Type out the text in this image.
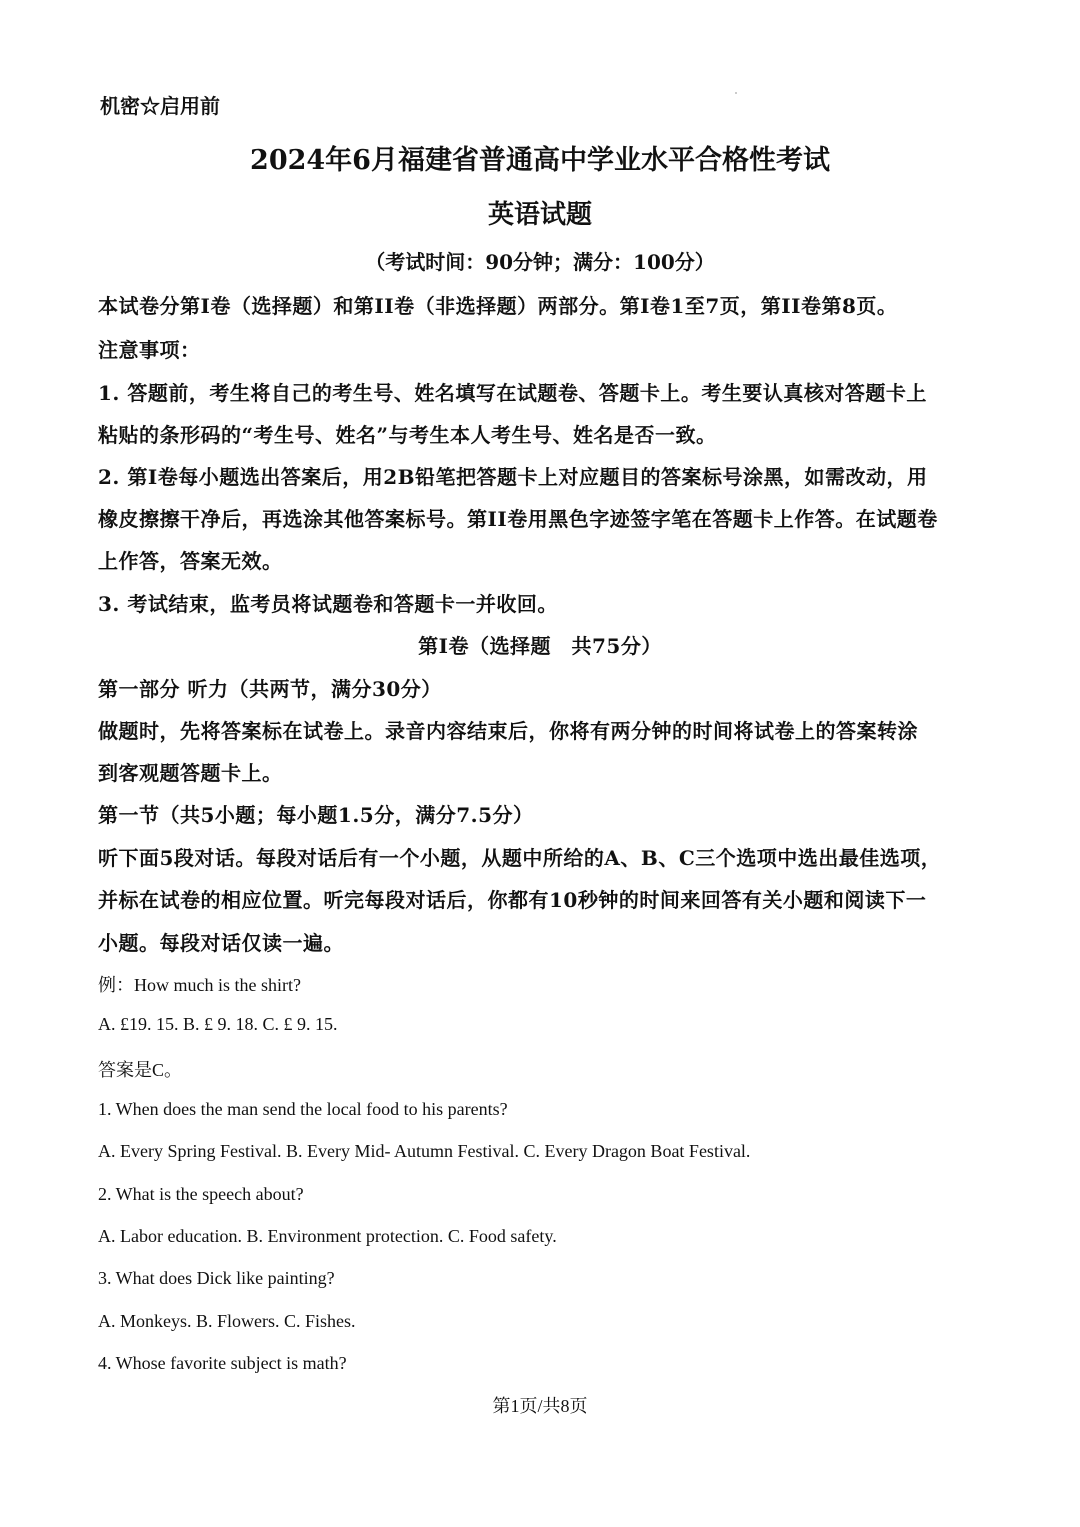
机密☆启用前
2024年6月福建省普通高中学业水平合格性考试
英语试题
（考试时间：90分钟；满分：100分）
本试卷分第I卷（选择题）和第II卷（非选择题）两部分。第I卷1至7页，第II卷第8页。
注意事项：
1. 答题前，考生将自己的考生号、姓名填写在试题卷、答题卡上。考生要认真核对答题卡上
粘贴的条形码的“考生号、姓名”与考生本人考生号、姓名是否一致。
2. 第I卷每小题选出答案后，用2B铅笔把答题卡上对应题目的答案标号涂黑，如需改动，用
橡皮擦擦干净后，再选涂其他答案标号。第II卷用黑色字迹签字笔在答题卡上作答。在试题卷
上作答，答案无效。
3. 考试结束，监考员将试题卷和答题卡一并收回。
第I卷（选择题　共75分）
第一部分 听力（共两节，满分30分）
做题时，先将答案标在试卷上。录音内容结束后，你将有两分钟的时间将试卷上的答案转涂
到客观题答题卡上。
第一节（共5小题；每小题1.5分，满分7.5分）
听下面5段对话。每段对话后有一个小题，从题中所给的A、B、C三个选项中选出最佳选项，
并标在试卷的相应位置。听完每段对话后，你都有10秒钟的时间来回答有关小题和阅读下一
小题。每段对话仅读一遍。
例：How much is the shirt?
A. £19. 15. B. £ 9. 18. C. £ 9. 15.
答案是C。
1. When does the man send the local food to his parents?
A. Every Spring Festival. B. Every Mid- Autumn Festival. C. Every Dragon Boat Festival.
2. What is the speech about?
A. Labor education. B. Environment protection. C. Food safety.
3. What does Dick like painting?
A. Monkeys. B. Flowers. C. Fishes.
4. Whose favorite subject is math?
第1页/共8页
